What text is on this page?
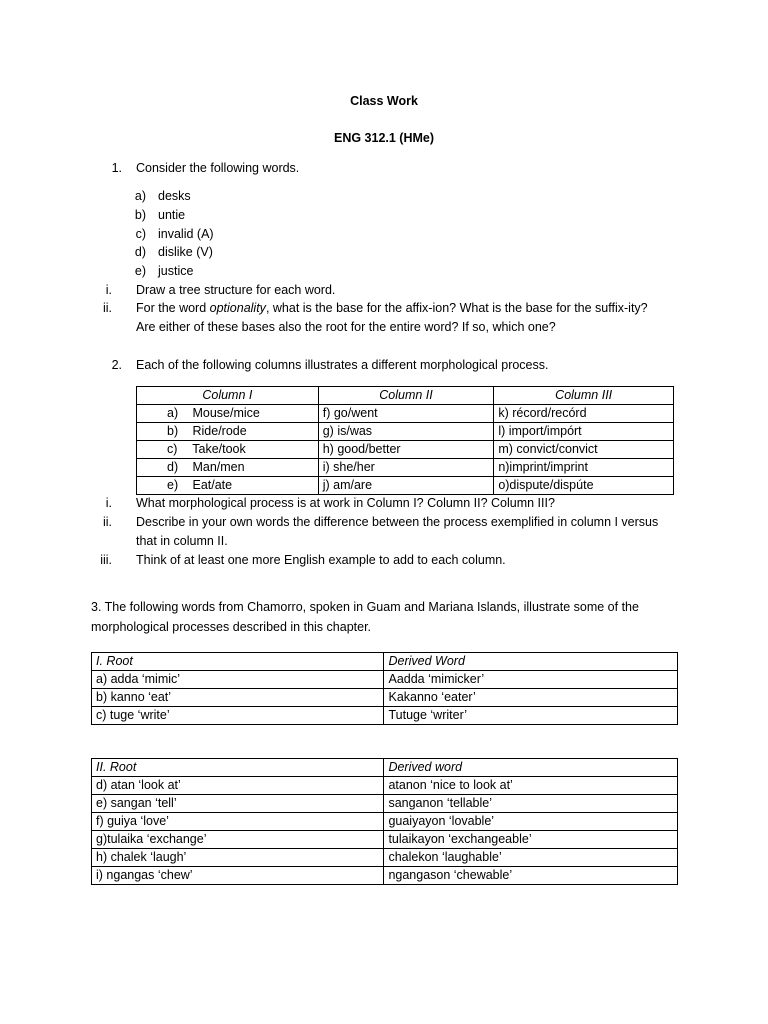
Class Work
ENG 312.1 (HMe)
1. Consider the following words.
a) desks
b) untie
c) invalid (A)
d) dislike (V)
e) justice
i. Draw a tree structure for each word.
ii. For the word optionality, what is the base for the affix-ion? What is the base for the suffix-ity?
Are either of these bases also the root for the entire word? If so, which one?
2. Each of the following columns illustrates a different morphological process.
Column I	Column II	Column III
a) Mouse/mice	f) go/went	k) récord/recórd
b) Ride/rode	g) is/was	l) import/impórt
c) Take/took	h) good/better	m) convict/convict
d) Man/men	i) she/her	n)imprint/imprint
e) Eat/ate	j) am/are	o)dispute/dispúte
i. What morphological process is at work in Column I? Column II? Column III?
ii. Describe in your own words the difference between the process exemplified in column I versus
that in column II.
iii. Think of at least one more English example to add to each column.
3. The following words from Chamorro, spoken in Guam and Mariana Islands, illustrate some of the
morphological processes described in this chapter.
I. Root	Derived Word
a) adda ‘mimic’	Aadda ‘mimicker’
b) kanno ‘eat’	Kakanno ‘eater’
c) tuge ‘write’	Tutuge ‘writer’
II. Root	Derived word
d) atan ‘look at’	atanon ‘nice to look at’
e) sangan ‘tell’	sanganon ‘tellable’
f) guiya ‘love’	guaiyayon ‘lovable’
g)tulaika ‘exchange’	tulaikayon ‘exchangeable’
h) chalek ‘laugh’	chalekon ‘laughable’
i) ngangas ‘chew’	ngangason ‘chewable’
